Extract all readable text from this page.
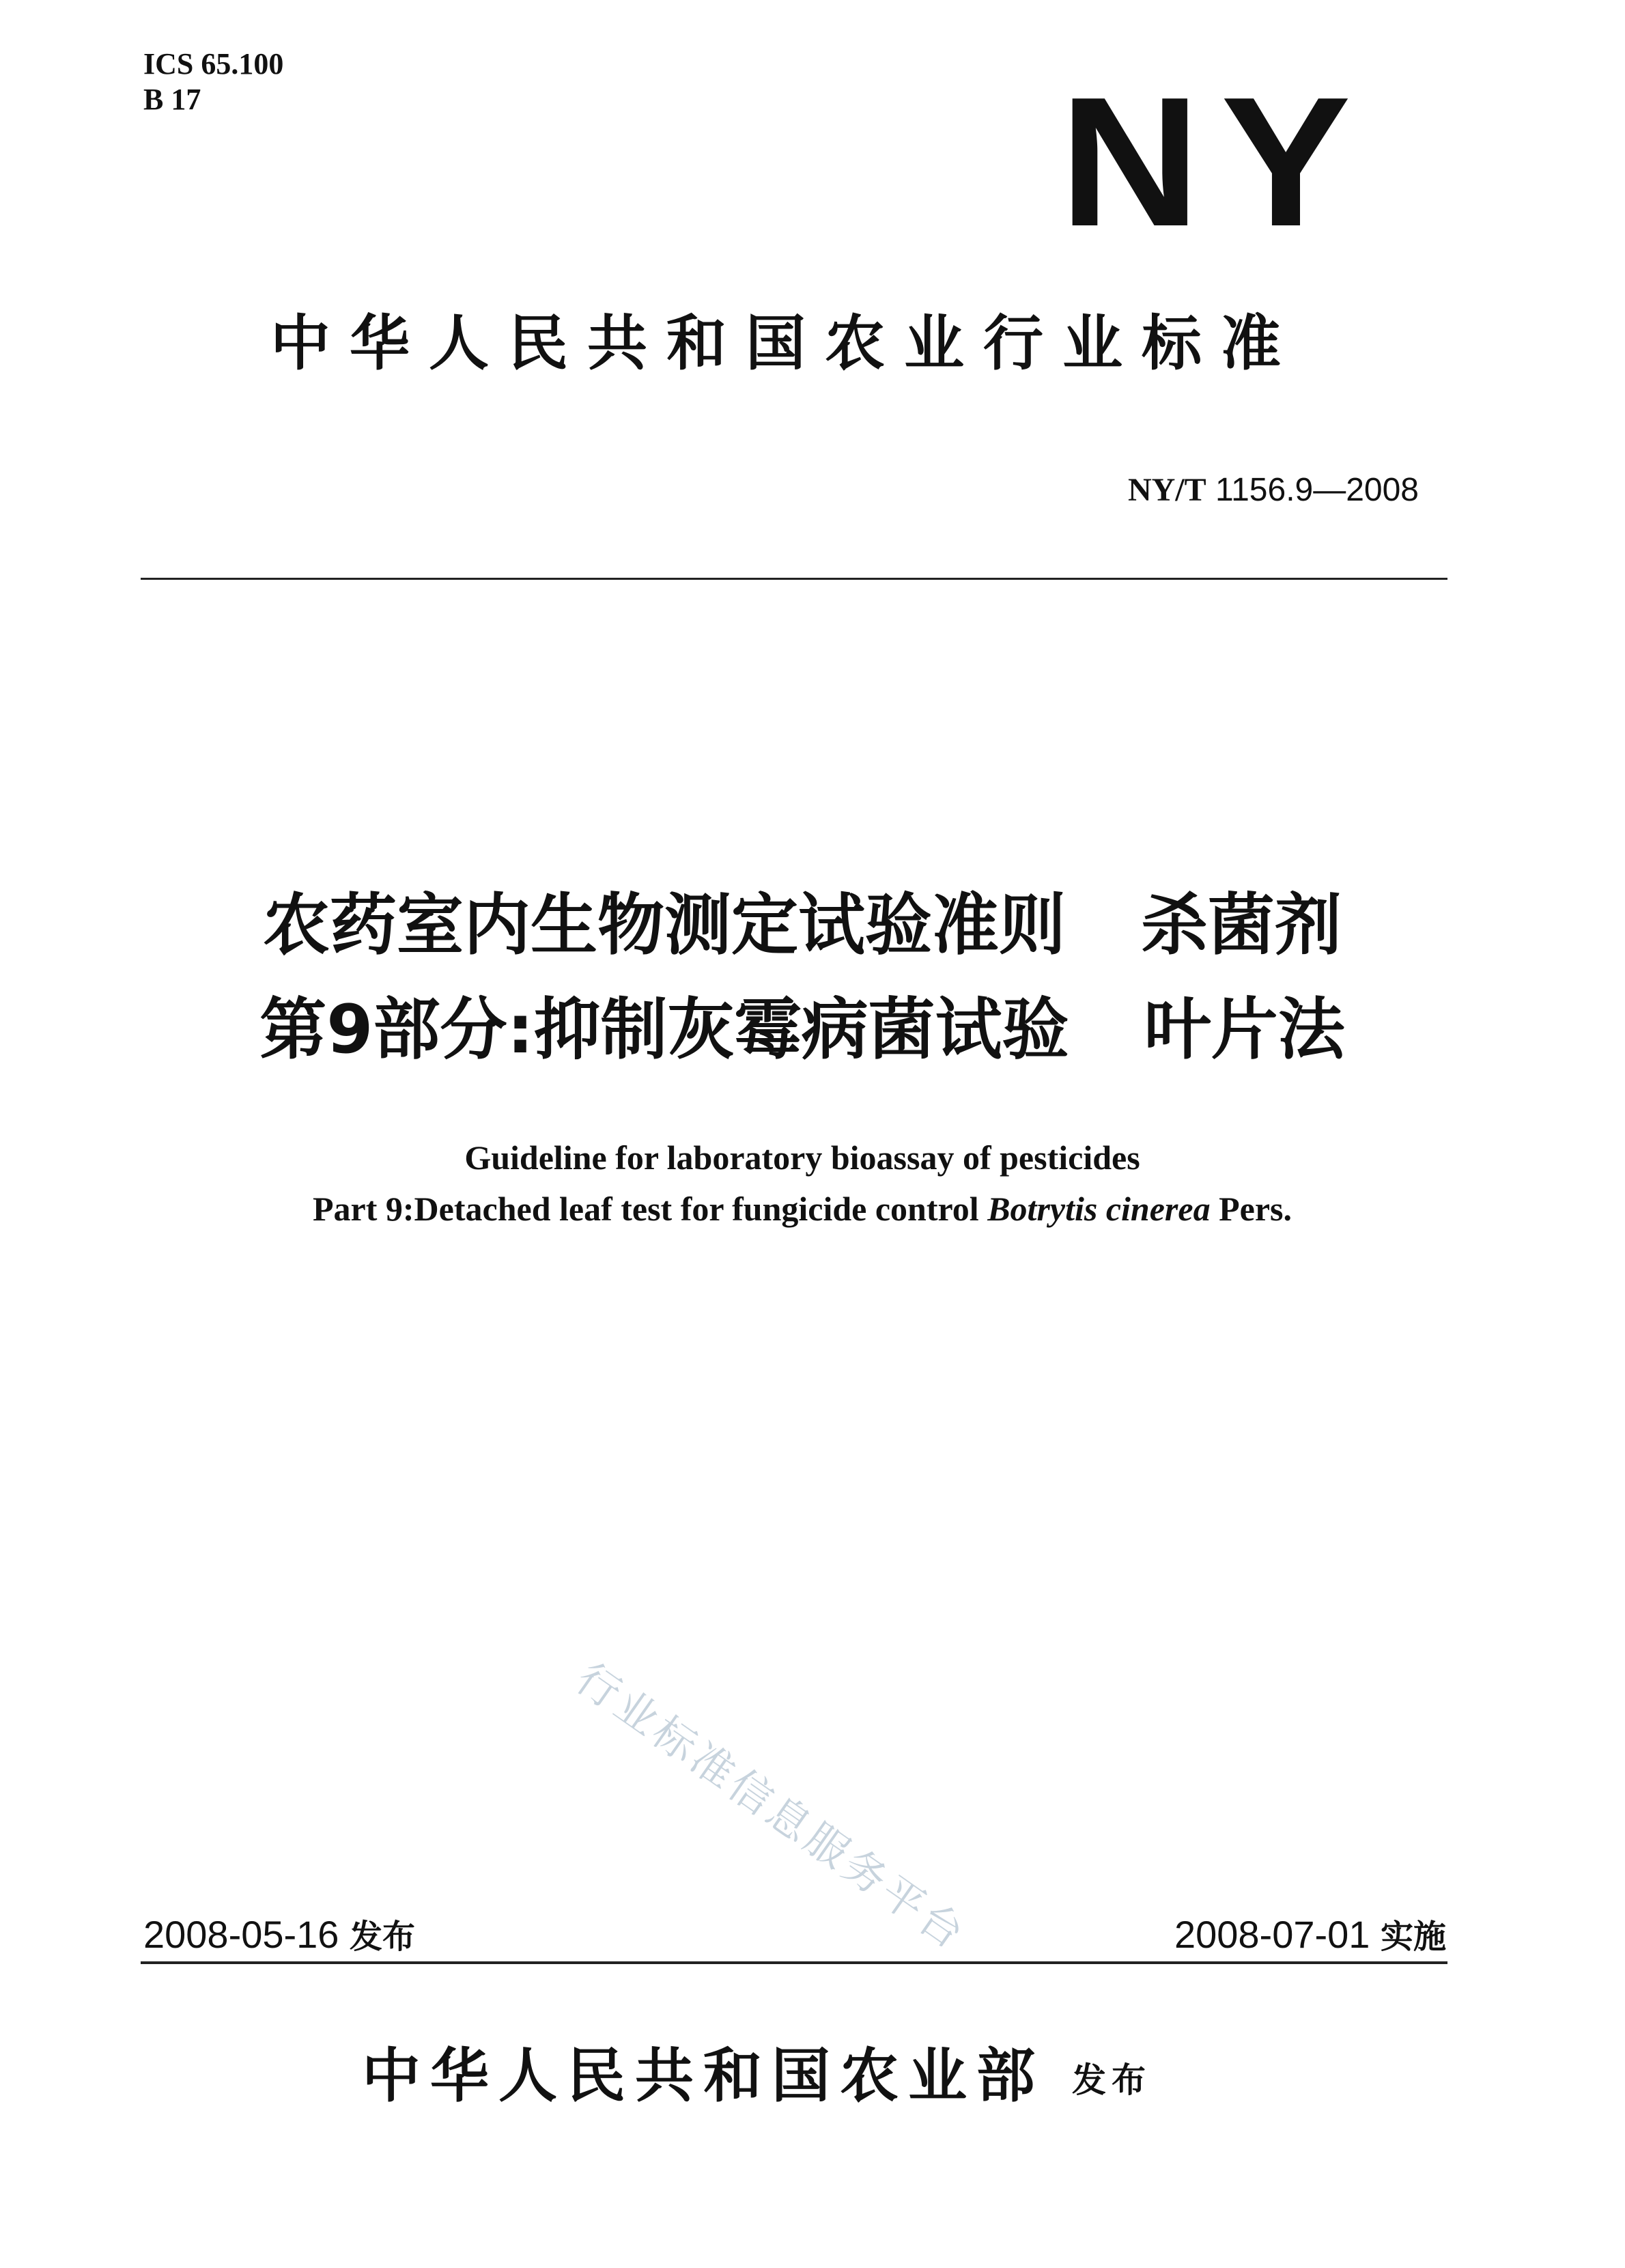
ICS 65.100
B 17	NY
中华人民共和国农业行业标准
NY/T 1156.9—2008
农药室内生物测定试验准则 杀菌剂
第9部分:抑制灰霉病菌试验 叶片法
Guideline for laboratory bioassay of pesticides
Part 9:Detached leaf test for fungicide control Botrytis cinerea Pers.
行业标准信息服务平台
2008-05-16 发布	2008-07-01 实施
中华人民共和国农业部 发布
